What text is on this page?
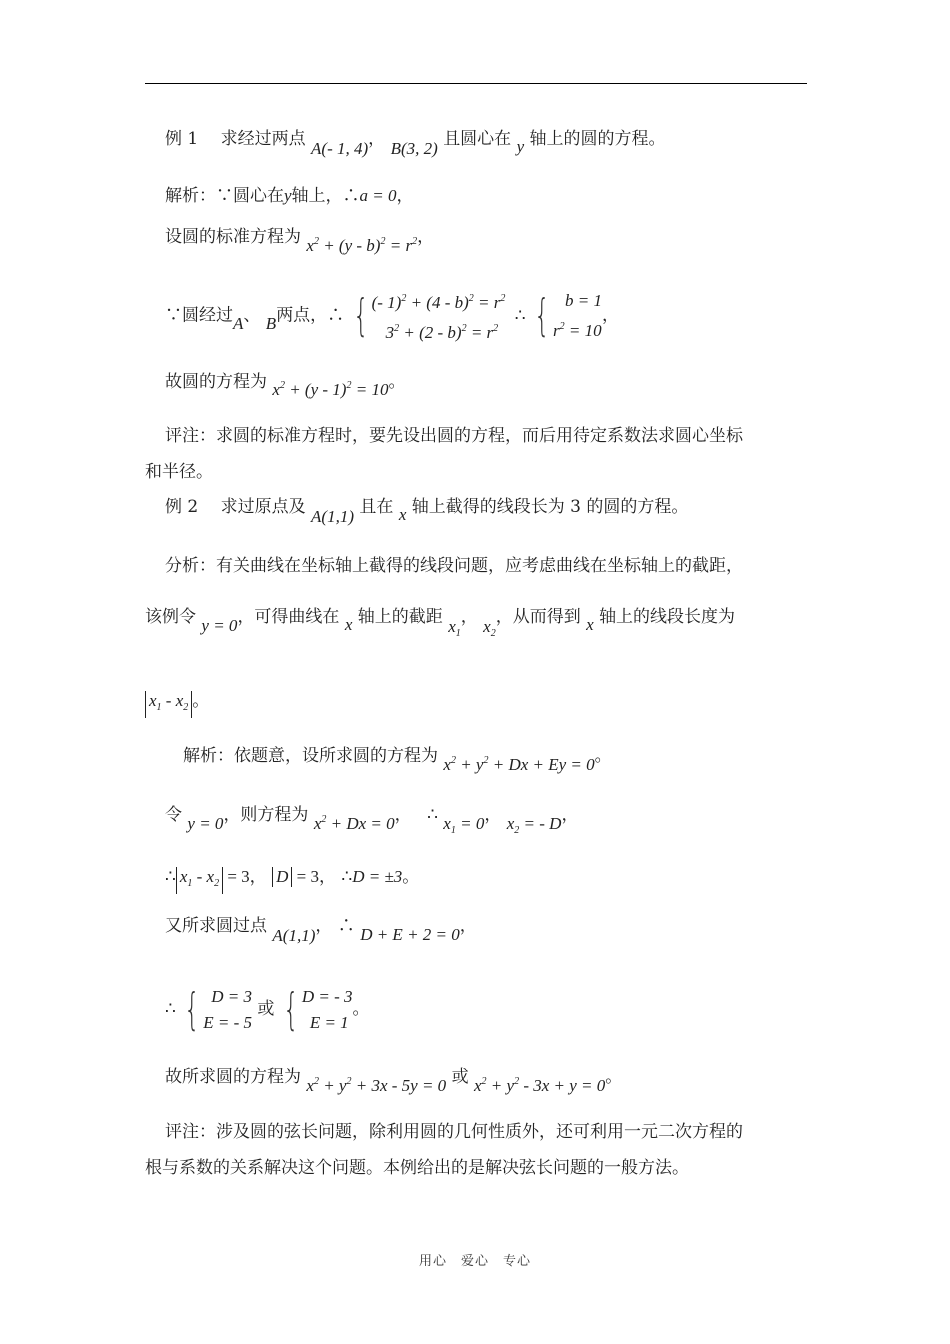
例 1　 求经过两点 A(- 1, 4)， B(3, 2) 且圆心在 y 轴上的圆的方程。
解析：∵圆心在y轴上，∴a = 0，
设圆的标准方程为 $x^2 + (y - b)^2 = r^2$，
∵圆经过A、 B两点，∴ { (- $1)^2 + (4 - b)^2 = r^2$
$3^2 + (2 - b)^2 = r^2$
∴ { b = 1
$r^2 = 10$
，
故圆的方程为 $x^2 + (y - 1)^2 = 10$。
评注：求圆的标准方程时，要先设出圆的方程，而后用待定系数法求圆心坐标
和半径。
例 2　 求过原点及 A(1,1) 且在 x 轴上截得的线段长为 3 的圆的方程。
分析：有关曲线在坐标轴上截得的线段问题，应考虑曲线在坐标轴上的截距，
该例令 y = 0，可得曲线在 x 轴上的截距 $x_1$， $x_2$，从而得到 x 轴上的线段长度为
$x_1 - x_2$ 。
解析：依题意，设所求圆的方程为 $x^2 + y^2 + Dx + Ey = 0$。
令 y = 0，则方程为 $x^2 + Dx = 0$， ∴ $x_1 = 0$， $x_2$ = - D，
∴ $x_1 - x_2 = 3$， D = 3， ∴D = ±3。
又所求圆过点 A(1,1)， ∴ D + E + 2 = 0，
∴ { D = 3
E = - 5
或 { D = - 3
E = 1
。
故所求圆的方程为 $x^2 + y^2 + 3x - 5y = 0$ 或 $x^2 + y^2 - 3x + y = 0$。
评注：涉及圆的弦长问题，除利用圆的几何性质外，还可利用一元二次方程的
根与系数的关系解决这个问题。本例给出的是解决弦长问题的一般方法。
用心　爱心　专心
